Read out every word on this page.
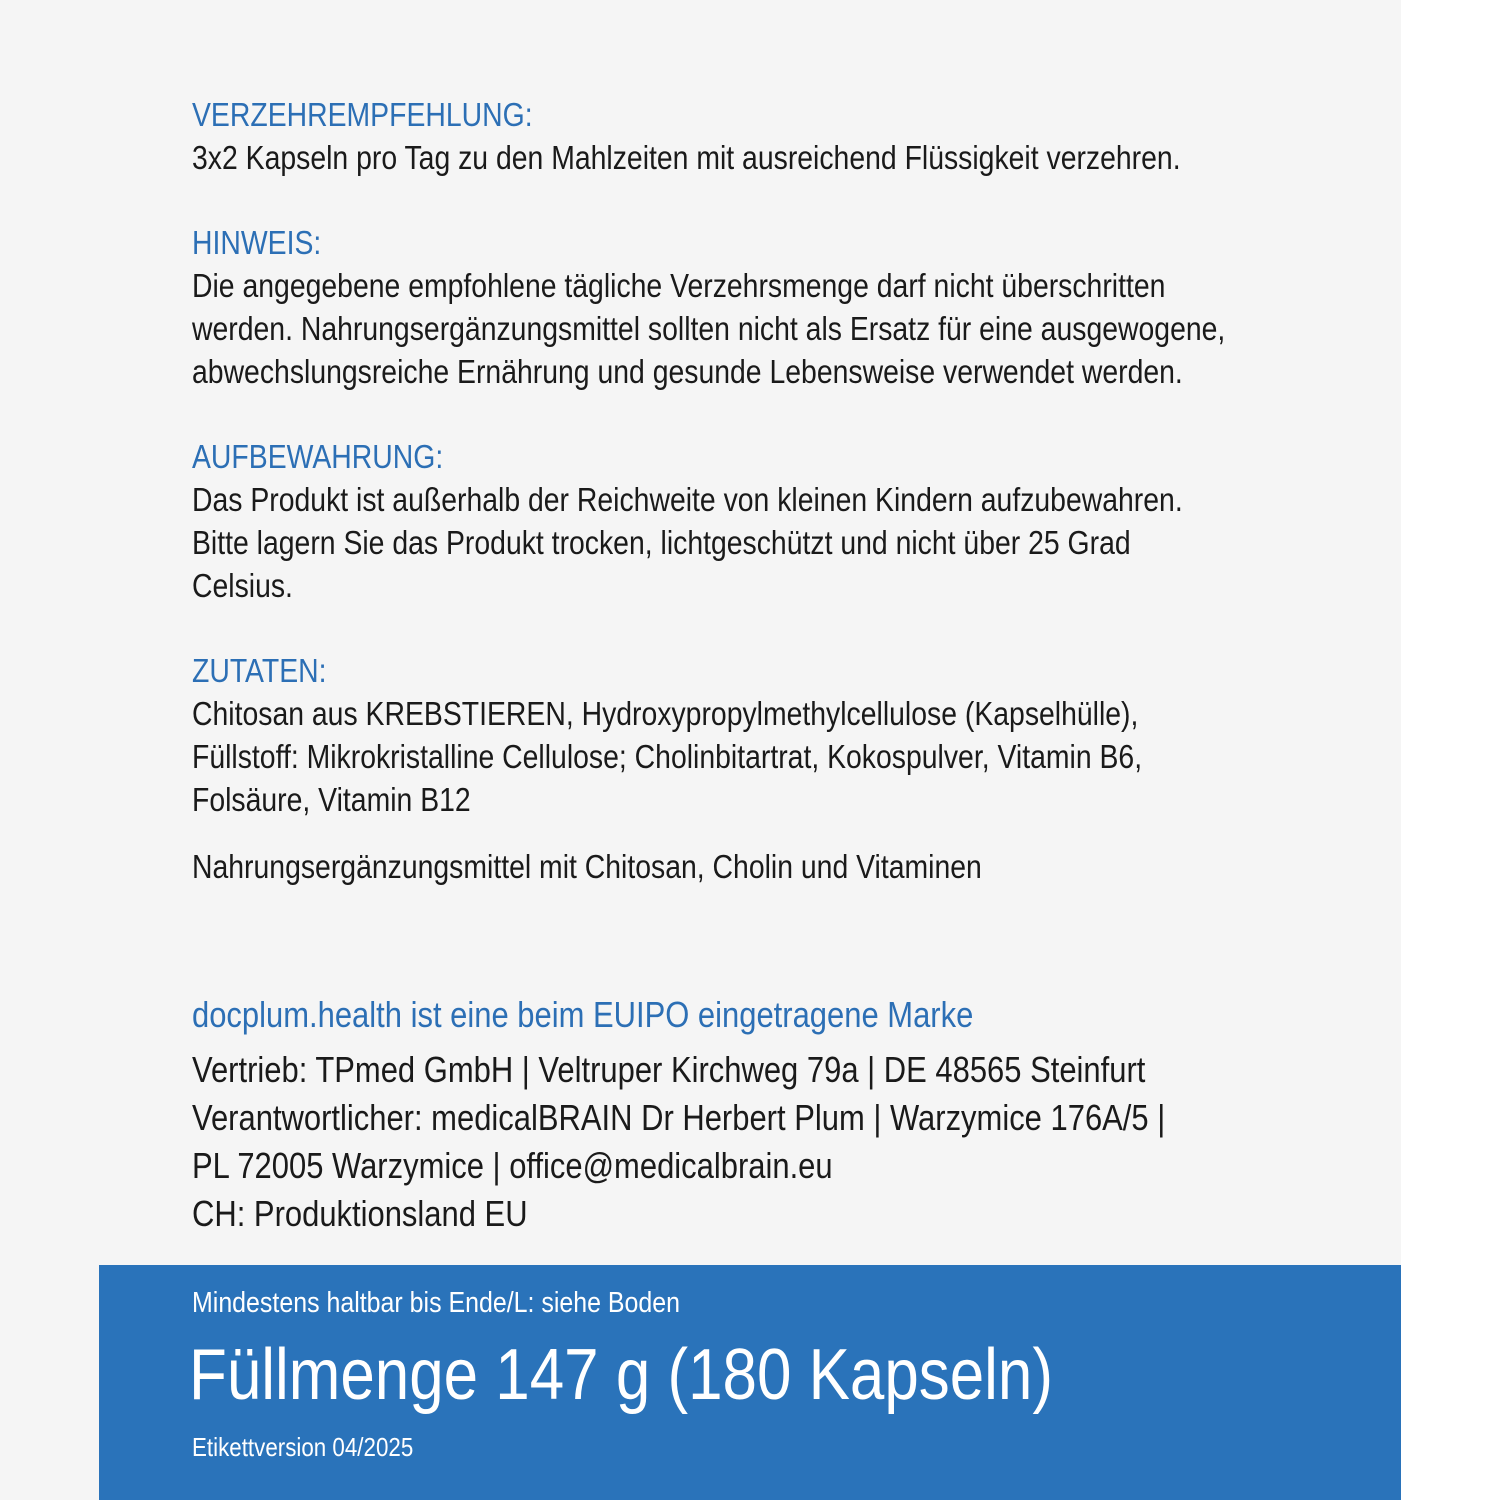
VERZEHREMPFEHLUNG:

3x2 Kapseln pro Tag zu den Mahlzeiten mit ausreichend Flüssigkeit verzehren.

HINWEIS:

Die angegebene empfohlene tägliche Verzehrsmenge darf nicht überschritten
werden. Nahrungsergänzungsmittel sollten nicht als Ersatz für eine ausgewogene,
abwechslungsreiche Ernährung und gesunde Lebensweise verwendet werden.

AUFBEWAHRUNG:

Das Produkt ist außerhalb der Reichweite von kleinen Kindern aufzubewahren.
Bitte lagern Sie das Produkt trocken, lichtgeschützt und nicht über 25 Grad
Celsius.

ZUTATEN:

Chitosan aus KREBSTIEREN, Hydroxypropylmethylcellulose (Kapselhülle),
Füllstoff: Mikrokristalline Cellulose; Cholinbitartrat, Kokospulver, Vitamin B6,
Folsäure, Vitamin B12

Nahrungsergänzungsmittel mit Chitosan, Cholin und Vitaminen

docplum.health ist eine beim EUIPO eingetragene Marke
Vertrieb: TPmed GmbH | Veltruper Kirchweg 79a | DE 48565 Steinfurt
Verantwortlicher: medicalBRAIN Dr Herbert Plum | Warzymice 176A/5 |
PL 72005 Warzymice | office@medicalbrain.eu
CH: Produktionsland EU
Mindestens haltbar bis Ende/L: siehe Boden
Füllmenge 147 g (180 Kapseln)
Etikettversion 04/2025
